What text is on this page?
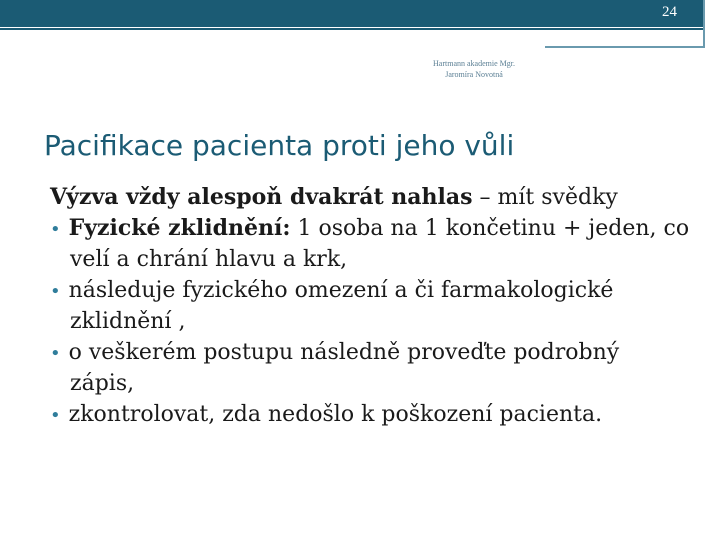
24
Hartmann akademie Mgr.
Jaromíra Novotná
Pacifikace pacienta proti jeho vůli
Výzva vždy alespoň dvakrát nahlas – mít svědky
• Fyzické zklidnění: 1 osoba na 1 končetinu + jeden, co velí a chrání hlavu a krk,
• následuje fyzického omezení a či farmakologické zklidnění ,
• o veškerém postupu následně proveďte podrobný zápis,
• zkontrolovat, zda nedošlo k poškození pacienta.
